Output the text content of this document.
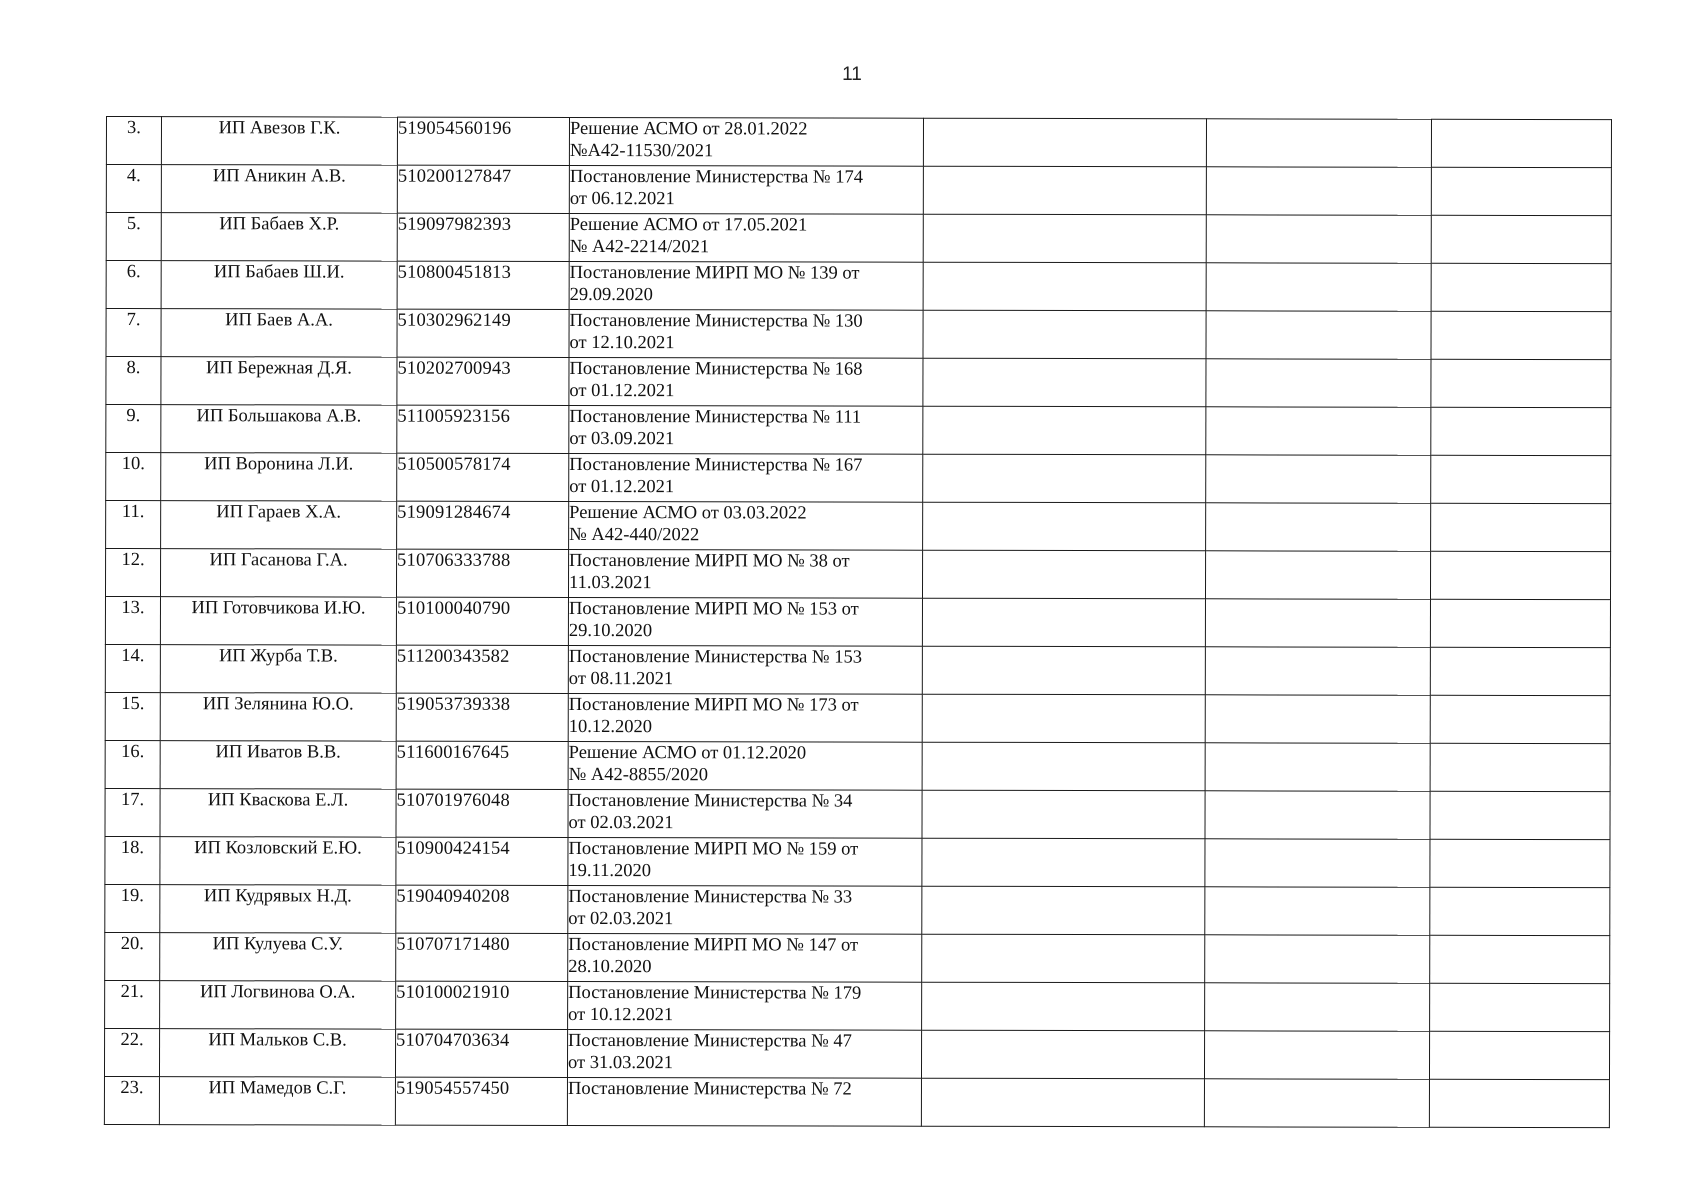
11
3.	ИП Авезов Г.К.	519054560196	Решение АСМО от 28.01.2022
№А42-11530/2021			

4.	ИП Аникин А.В.	510200127847	Постановление Министерства № 174
от 06.12.2021			

5.	ИП Бабаев Х.Р.	519097982393	Решение АСМО от 17.05.2021
№ А42-2214/2021			

6.	ИП Бабаев Ш.И.	510800451813	Постановление МИРП МО № 139 от
29.09.2020			

7.	ИП Баев А.А.	510302962149	Постановление Министерства № 130
от 12.10.2021			

8.	ИП Бережная Д.Я.	510202700943	Постановление Министерства № 168
от 01.12.2021			

9.	ИП Большакова А.В.	511005923156	Постановление Министерства № 111
от 03.09.2021			

10.	ИП Воронина Л.И.	510500578174	Постановление Министерства № 167
от 01.12.2021			

11.	ИП Гараев Х.А.	519091284674	Решение АСМО от 03.03.2022
№ А42-440/2022			

12.	ИП Гасанова Г.А.	510706333788	Постановление МИРП МО № 38 от
11.03.2021			

13.	ИП Готовчикова И.Ю.	510100040790	Постановление МИРП МО № 153 от
29.10.2020			

14.	ИП Журба Т.В.	511200343582	Постановление Министерства № 153
от 08.11.2021			

15.	ИП Зелянина Ю.О.	519053739338	Постановление МИРП МО № 173 от
10.12.2020			

16.	ИП Иватов В.В.	511600167645	Решение АСМО от 01.12.2020
№ А42-8855/2020			

17.	ИП Кваскова Е.Л.	510701976048	Постановление Министерства № 34
от 02.03.2021			

18.	ИП Козловский Е.Ю.	510900424154	Постановление МИРП МО № 159 от
19.11.2020			

19.	ИП Кудрявых Н.Д.	519040940208	Постановление Министерства № 33
от 02.03.2021			

20.	ИП Кулуева С.У.	510707171480	Постановление МИРП МО № 147 от
28.10.2020			

21.	ИП Логвинова О.А.	510100021910	Постановление Министерства № 179
от 10.12.2021			

22.	ИП Мальков С.В.	510704703634	Постановление Министерства № 47
от 31.03.2021			

23.	ИП Мамедов С.Г.	519054557450	Постановление Министерства № 72			
